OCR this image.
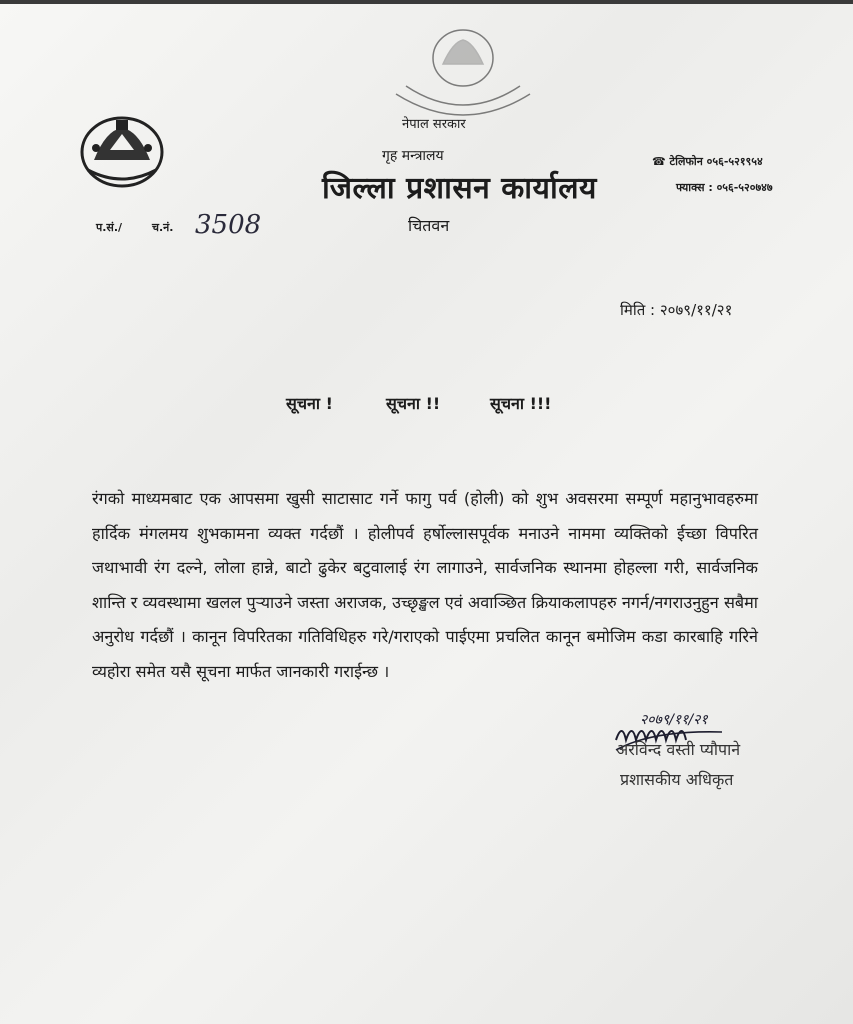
नेपाल सरकार
गृह मन्त्रालय
जिल्ला प्रशासन कार्यालय
चितवन
☎ टेलिफोन ०५६-५२१९५४
फ्याक्स : ०५६-५२०७४७
प.सं./	च.नं. 3508
मिति : २०७९/११/२१
सूचना !	सूचना !!	सूचना !!!
रंगको माध्यमबाट एक आपसमा खुसी साटासाट गर्ने फागु पर्व (होली) को शुभ अवसरमा सम्पूर्ण महानुभावहरुमा हार्दिक मंगलमय शुभकामना व्यक्त गर्दछौं । होलीपर्व हर्षोल्लासपूर्वक मनाउने नाममा व्यक्तिको ईच्छा विपरित जथाभावी रंग दल्ने, लोला हान्ने, बाटो ढुकेर बटुवालाई रंग लागाउने, सार्वजनिक स्थानमा होहल्ला गरी, सार्वजनिक शान्ति र व्यवस्थामा खलल पुर्‍याउने जस्ता अराजक, उच्छृङ्खल एवं अवाञ्छित क्रियाकलापहरु नगर्न/नगराउनुहुन सबैमा अनुरोध गर्दछौं । कानून विपरितका गतिविधिहरु गरे/गराएको पाईएमा प्रचलित कानून बमोजिम कडा कारबाहि गरिने व्यहोरा समेत यसै सूचना मार्फत जानकारी गराईन्छ ।
२०७९/११/२१
अरविन्द वस्ती प्यौपाने
प्रशासकीय अधिकृत
